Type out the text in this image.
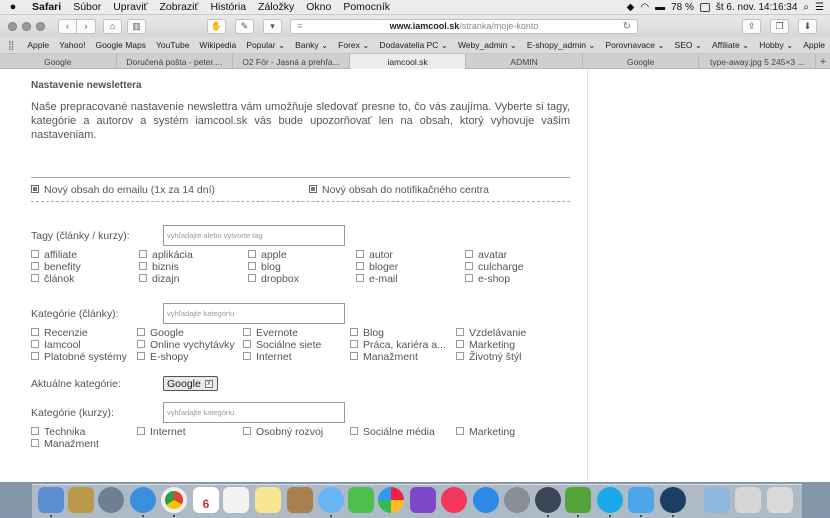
●	Safari	Súbor	Upraviť	Zobraziť	História	Záložky	Okno	Pomocník	◆ ◠ ▬ 78 % št 6. nov. 14:16:34 ⌕ ☰
‹	›	⌂	▥	✋	✎	▾	≡	www.iamcool.sk /stranka/moje-konto	↻	⇪	❐	⬇
⣿	Apple	Yahoo!	Google Maps	YouTube	Wikipedia	Popular ⌄	Banky ⌄	Forex ⌄	Dodavatelia PC ⌄	Weby_admin ⌄	E-shopy_admin ⌄	Porovnavace ⌄	SEO ⌄	Affiliate ⌄	Hobby ⌄	Apple
Google	Doručená pošta - peter....	O2 Fór - Jasná a prehľa...	iamcool.sk	ADMIN	Google	type-away.jpg 5 245×3 ...	+
Nastavenie newslettera

Naše prepracované nastavenie newslettra vám umožňuje sledovať presne to, čo vás zaujíma. Vyberte si tagy, kategórie a autorov a systém iamcool.sk vás bude upozorňovať len na obsah, ktorý vyhovuje vašim nastaveniam.

Nový obsah do emailu (1x za 14 dní)	Nový obsah do notifikačného centra
Tagy (články / kurzy):
vyhľadajte alebo vytvorte tag
affiliate	aplikácia	apple	autor	avatar
benefity	biznis	blog	bloger	culcharge
článok	dizajn	dropbox	e-mail	e-shop
Kategórie (články):
vyhľadajte kategóriu
Recenzie	Google	Evernote	Blog	Vzdelávanie
Iamcool	Online vychytávky	Sociálne siete	Práca, kariéra a...	Marketing
Platobné systémy	E-shopy	Internet	Manažment	Životný štýl
Aktuálne kategórie:	Google x
Kategórie (kurzy):
vyhľadajte kategóriu
Technika	Internet	Osobný rozvoj	Sociálne média	Marketing
Manažment
6
